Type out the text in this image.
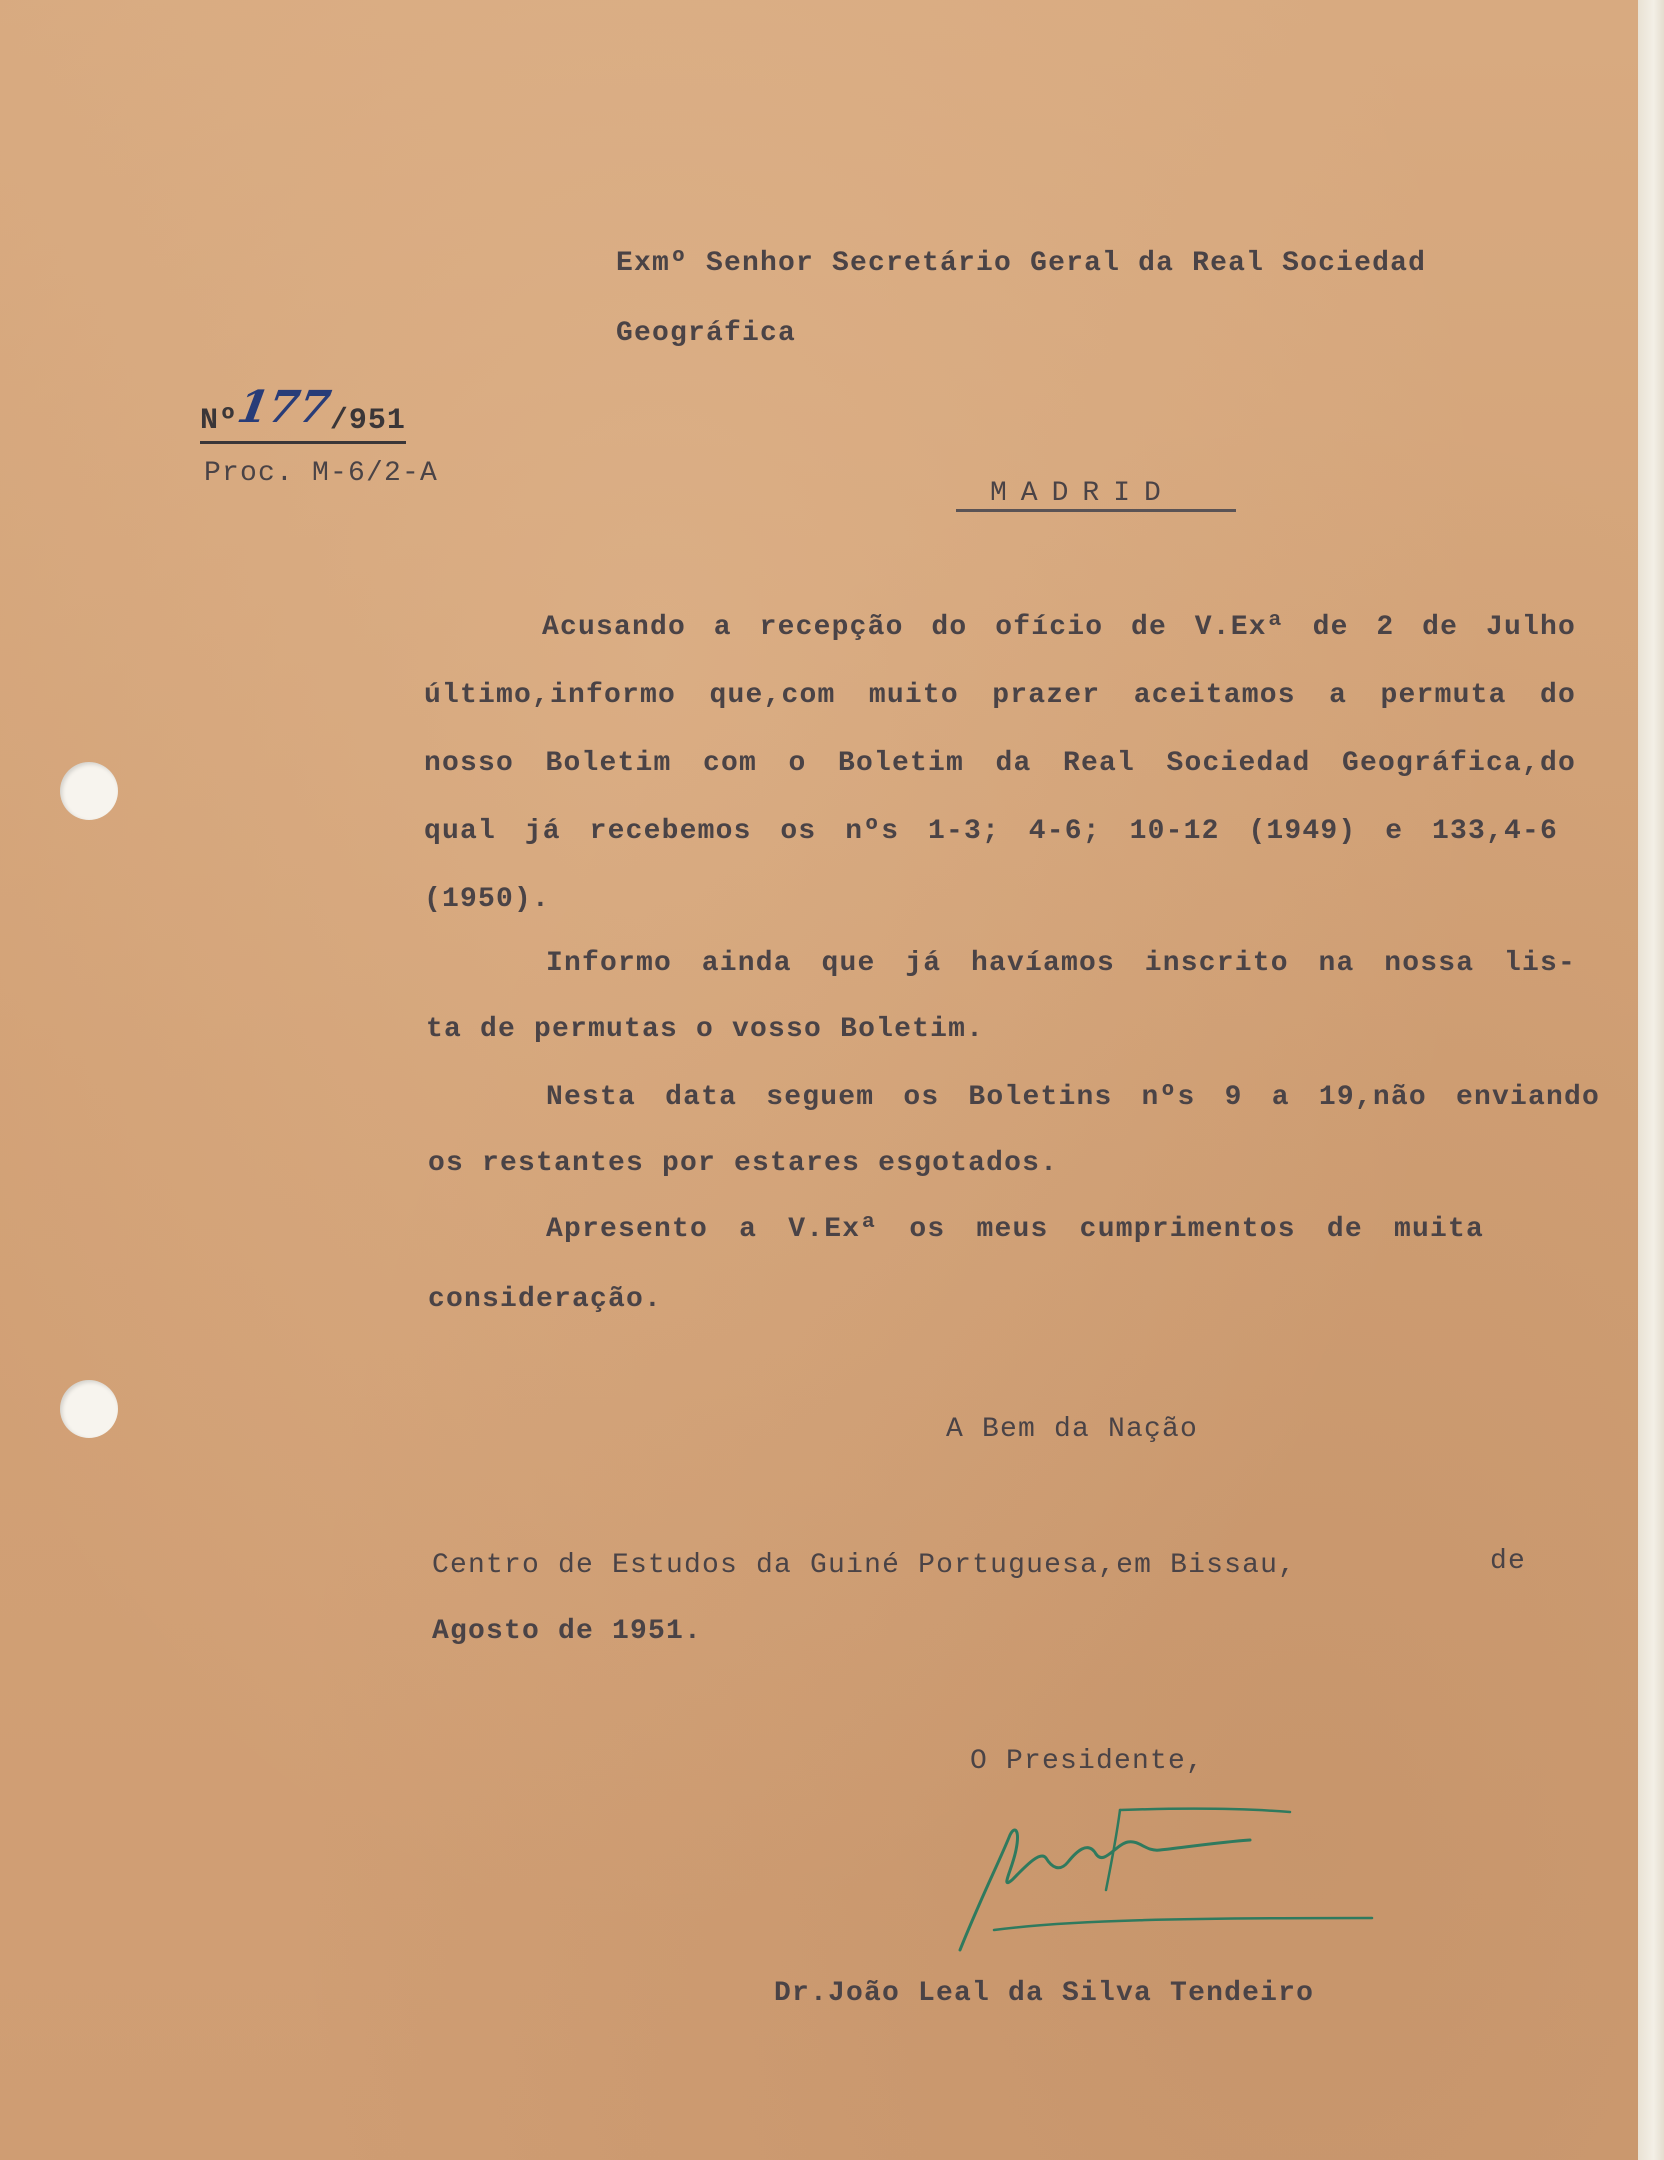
Exmº Senhor Secretário Geral da Real Sociedad
Geográfica
Nº177/951
Proc. M-6/2-A
MADRID
Acusando a recepção do ofício de V.Exª de 2 de Julho
último,informo que,com muito prazer aceitamos a permuta do
nosso Boletim com o Boletim da Real Sociedad Geográfica,do
qual já recebemos os nºs 1-3; 4-6; 10-12 (1949) e 133,4-6
(1950).
Informo ainda que já havíamos inscrito na nossa lis-
ta de permutas o vosso Boletim.
Nesta data seguem os Boletins nºs 9 a 19,não enviando
os restantes por estares esgotados.
Apresento a V.Exª os meus cumprimentos de muita
consideração.
A Bem da Nação
Centro de Estudos da Guiné Portuguesa,em Bissau,	de
Agosto de 1951.
O Presidente,
Dr.João Leal da Silva Tendeiro
